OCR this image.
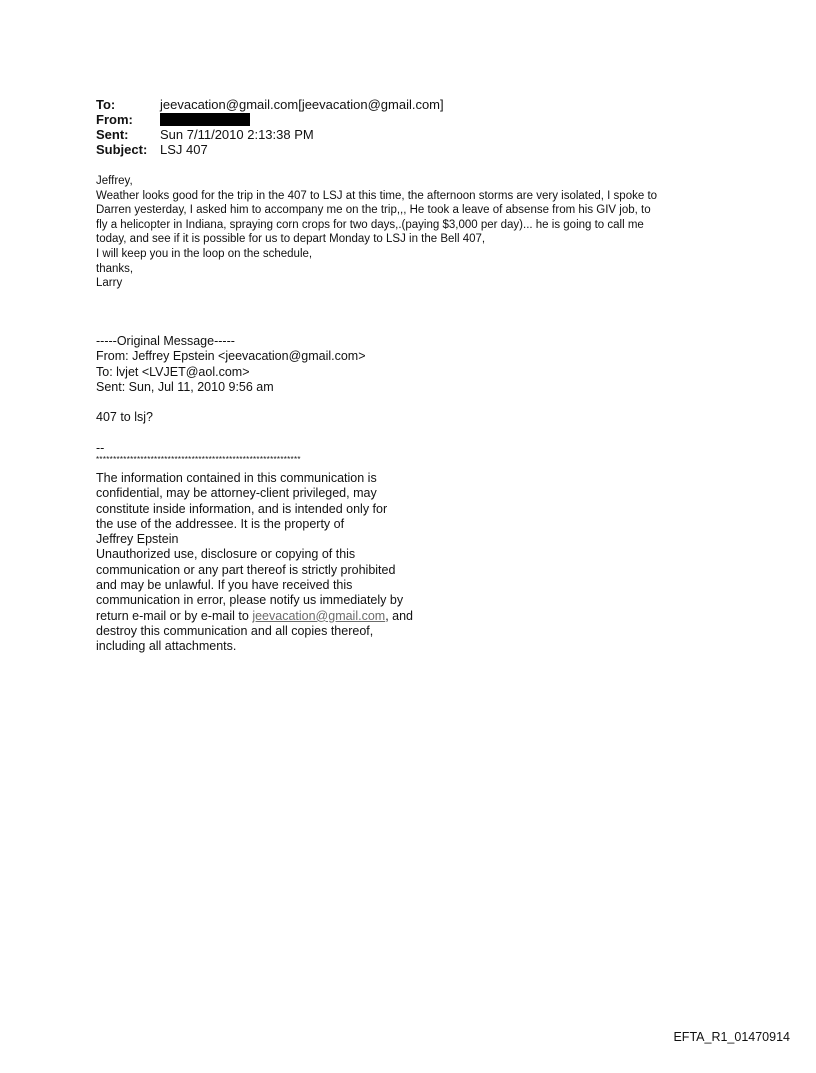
To:	jeevacation@gmail.com[jeevacation@gmail.com]
From:	
Sent:	Sun 7/11/2010 2:13:38 PM
Subject:	LSJ 407
Jeffrey,
Weather looks good for the trip in the 407 to LSJ at this time, the afternoon storms are very isolated, I spoke to
Darren yesterday, I asked him to accompany me on the trip,,, He took a leave of absense from his GIV job, to
fly a helicopter in Indiana, spraying corn crops for two days,.(paying $3,000 per day)... he is going to call me
today, and see if it is possible for us to depart Monday to LSJ in the Bell 407,
I will keep you in the loop on the schedule,
thanks,
Larry
-----Original Message-----
From: Jeffrey Epstein <jeevacation@gmail.com>
To: lvjet <LVJET@aol.com>
Sent: Sun, Jul 11, 2010 9:56 am
407 to lsj?
--
************************************************************
The information contained in this communication is
confidential, may be attorney-client privileged, may
constitute inside information, and is intended only for
the use of the addressee. It is the property of
Jeffrey Epstein
Unauthorized use, disclosure or copying of this
communication or any part thereof is strictly prohibited
and may be unlawful. If you have received this
communication in error, please notify us immediately by
return e-mail or by e-mail to jeevacation@gmail.com, and
destroy this communication and all copies thereof,
including all attachments.
EFTA_R1_01470914
